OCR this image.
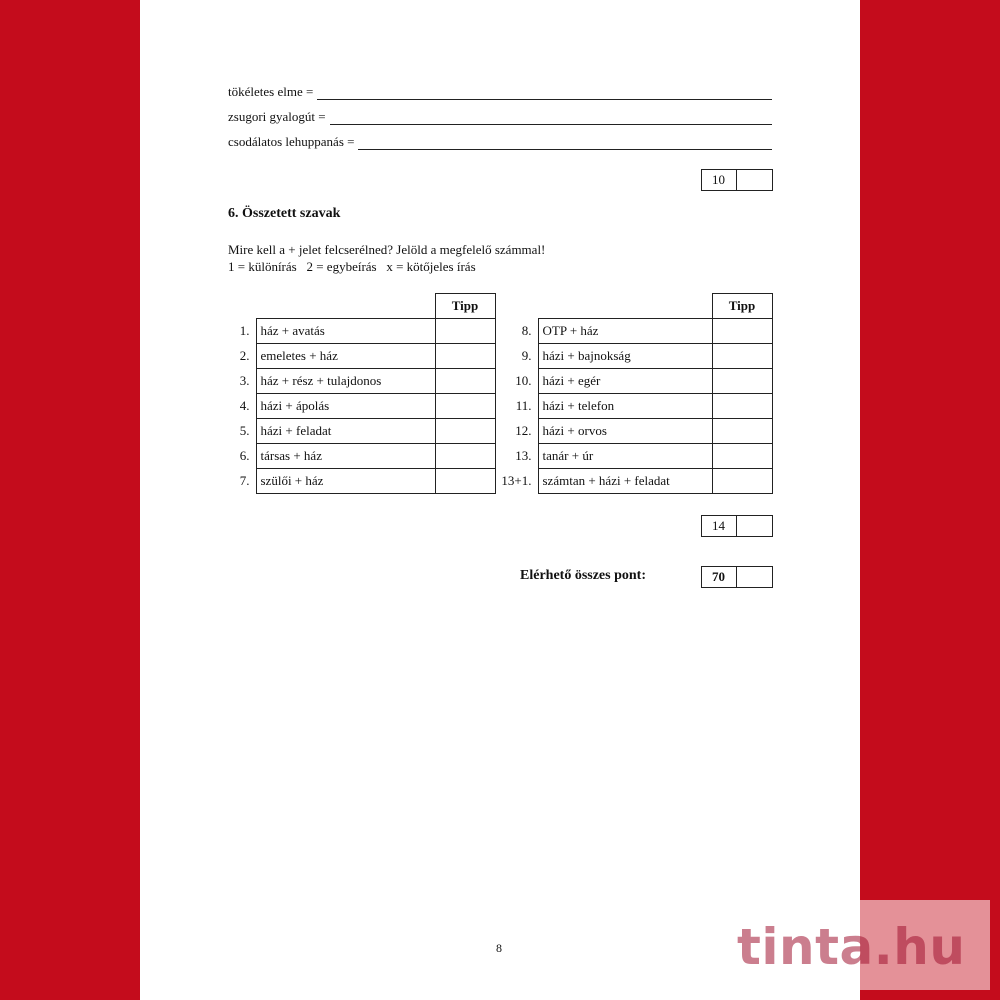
tökéletes elme =
zsugori gyalogút =
csodálatos lehuppanás =
10
6. Összetett szavak
Mire kell a + jelet felcserélned? Jelöld a megfelelő számmal!
1 = különírás   2 = egybeírás   x = kötőjeles írás
		Tipp
1.	ház + avatás	
2.	emeletes + ház	
3.	ház + rész + tulajdonos	
4.	házi + ápolás	
5.	házi + feladat	
6.	társas + ház	
7.	szülői + ház	
		Tipp
8.	OTP + ház	
9.	házi + bajnokság	
10.	házi + egér	
11.	házi + telefon	
12.	házi + orvos	
13.	tanár + úr	
13+1.	számtan + házi + feladat	
14
Elérhető összes pont:	70
8	tinta.hu
